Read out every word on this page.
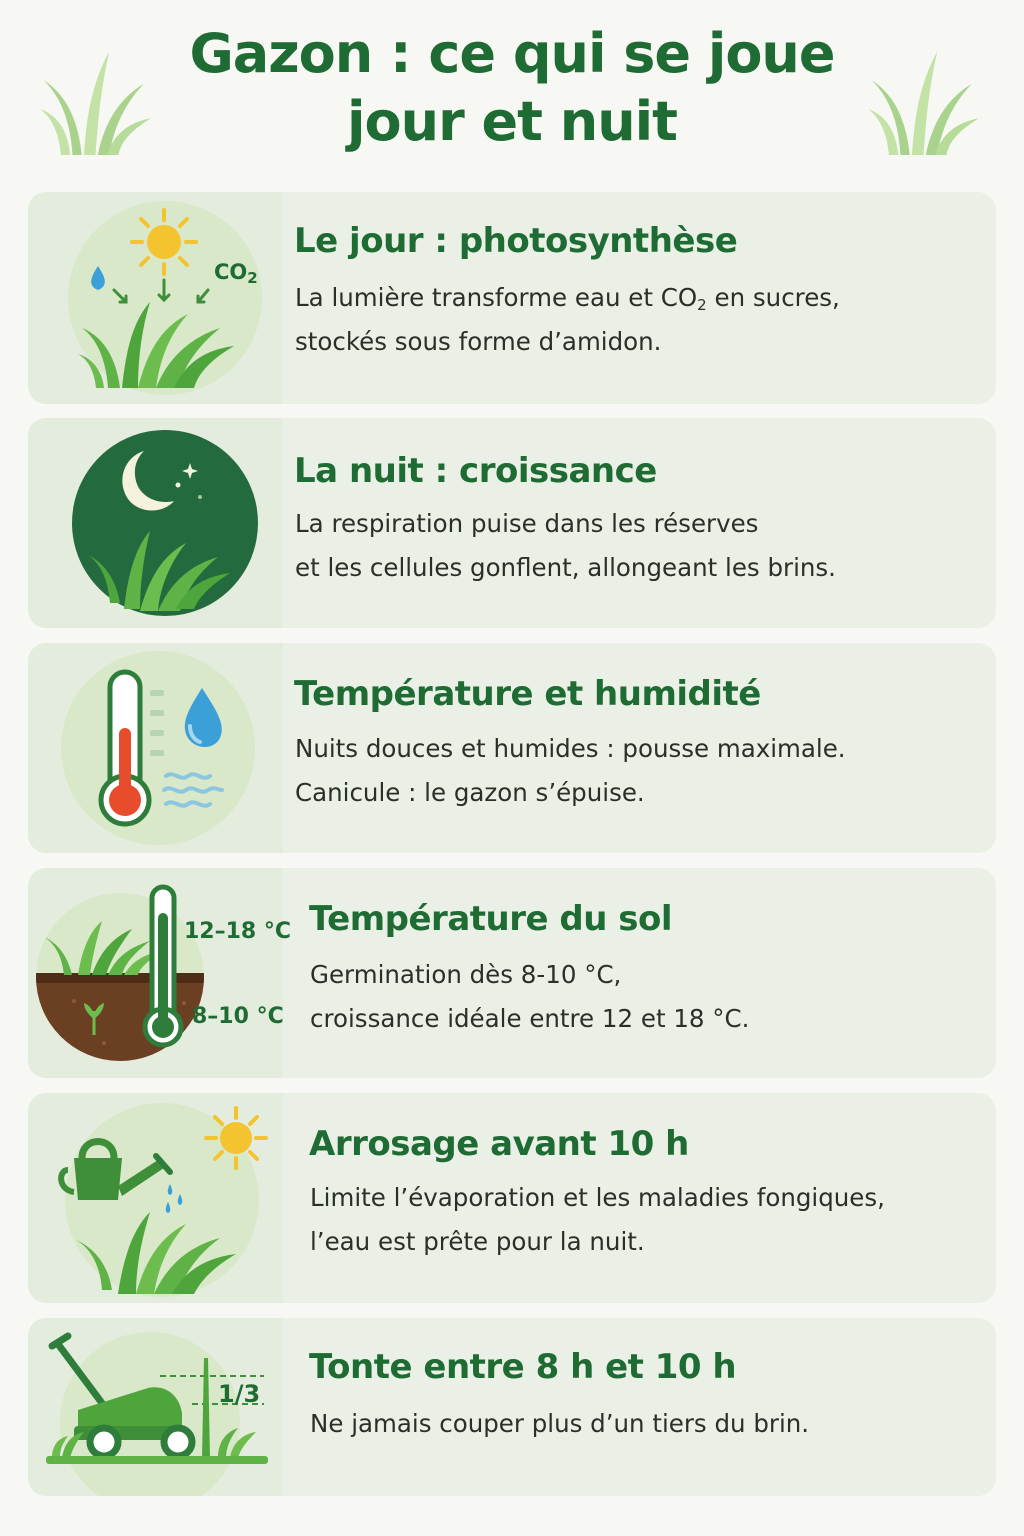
Gazon : ce qui se joue
jour et nuit
$CO_2$
Le jour : photosynthèse
La lumière transforme eau et $CO_2$ en sucres,
stockés sous forme d’amidon.
La nuit : croissance
La respiration puise dans les réserves
et les cellules gonflent, allongeant les brins.
Température et humidité
Nuits douces et humides : pousse maximale.
Canicule : le gazon s’épuise.
12–18 °C
8–10 °C
Température du sol
Germination dès 8-10 °C,
croissance idéale entre 12 et 18 °C.
Arrosage avant 10 h
Limite l’évaporation et les maladies fongiques,
l’eau est prête pour la nuit.
1/3
Tonte entre 8 h et 10 h
Ne jamais couper plus d’un tiers du brin.
